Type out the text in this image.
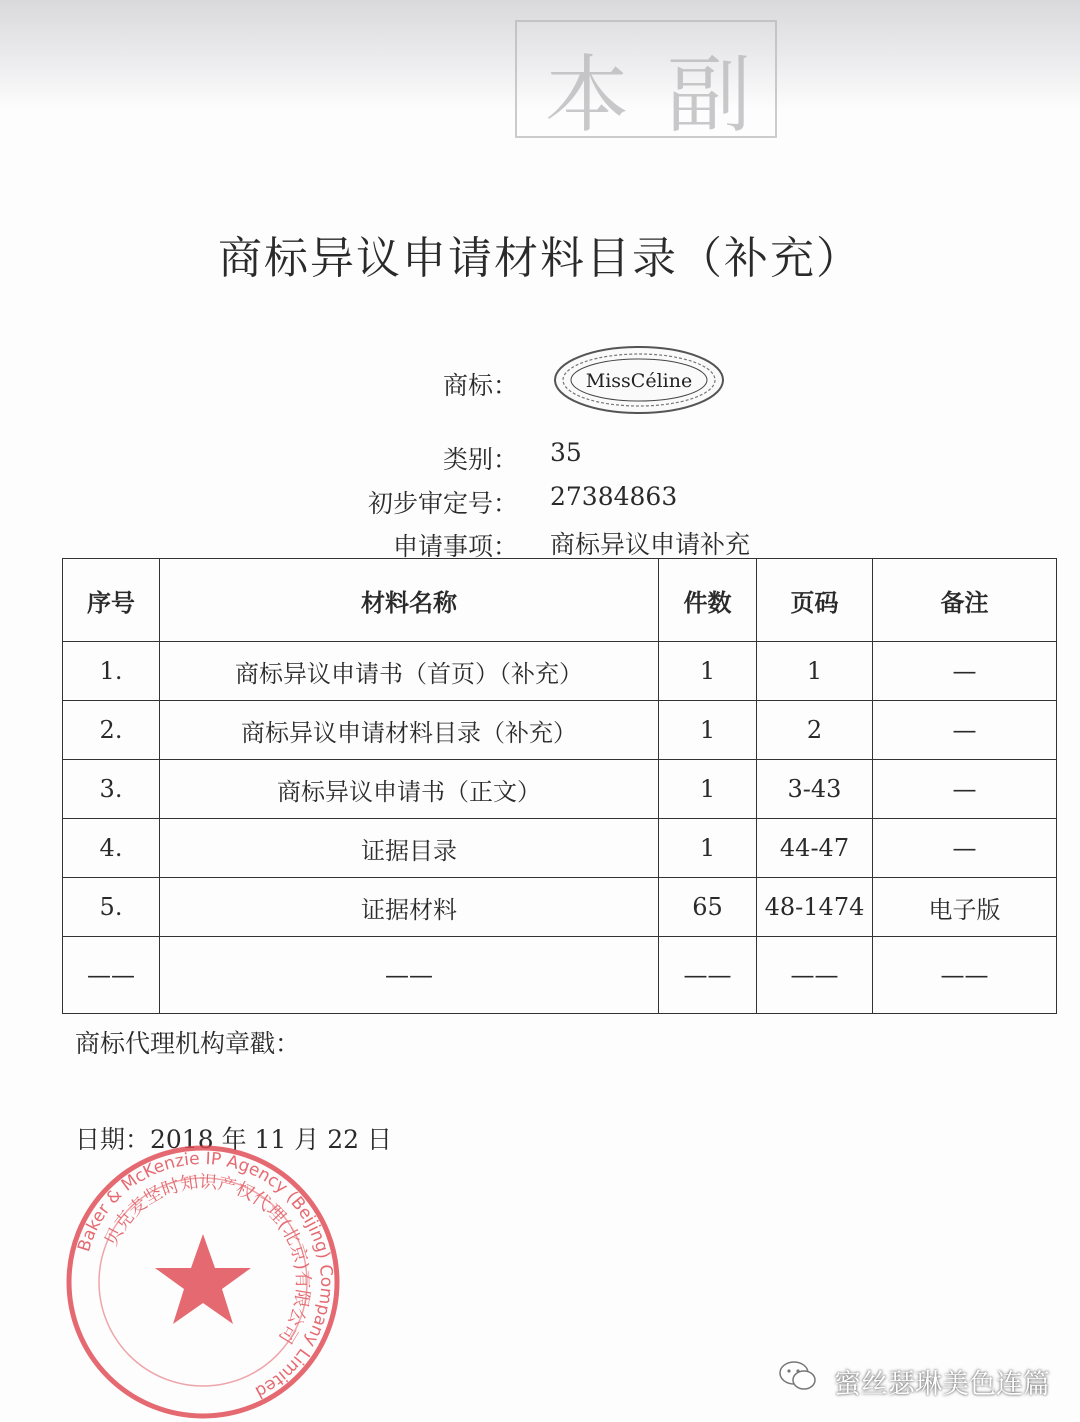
本 副
商标异议申请材料目录（补充）
商标：	MissCéline
类别： 35
初步审定号： 27384863
申请事项： 商标异议申请补充
序号	材料名称	件数	页码	备注
1.	商标异议申请书（首页）（补充）	1	1	—
2.	商标异议申请材料目录（补充）	1	2	—
3.	商标异议申请书（正文）	1	3-43	—
4.	证据目录	1	44-47	—
5.	证据材料	65	48-1474	电子版
——	——	——	——	——
商标代理机构章戳：
日期：2018 年 11 月 22 日
Baker & McKenzie IP Agency (Beijing) Company Limited
贝克麦坚时知识产权代理(北京)有限公司
蜜丝瑟琳美色连篇
